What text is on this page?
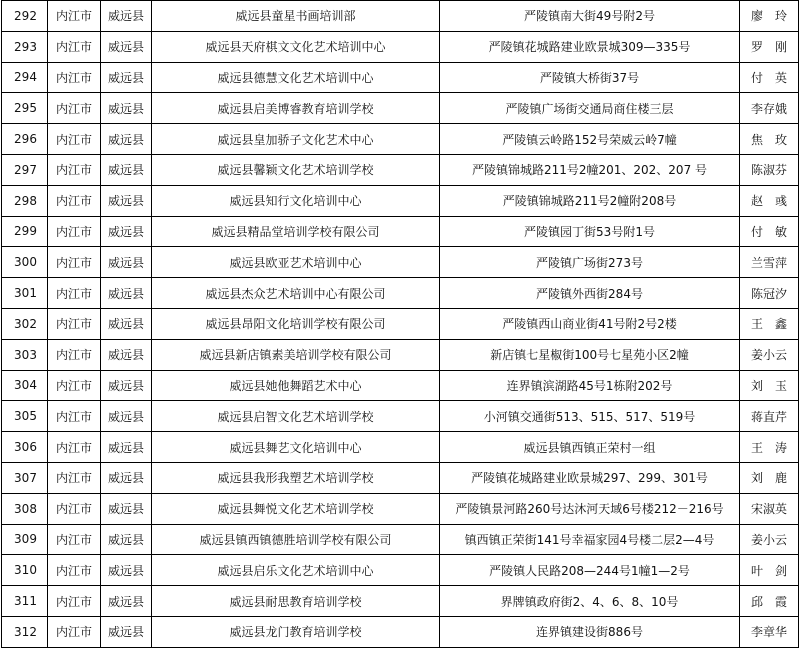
292	内江市	威远县	威远县童星书画培训部	严陵镇南大街49号附2号	廖　玲
293	内江市	威远县	威远县天府棋文文化艺术培训中心	严陵镇花城路建业欧景城309—335号	罗　刚
294	内江市	威远县	威远县德慧文化艺术培训中心	严陵镇大桥街37号	付　英
295	内江市	威远县	威远县启美博睿教育培训学校	严陵镇广场街交通局商住楼三层	李存娥
296	内江市	威远县	威远县皇加骄子文化艺术中心	严陵镇云岭路152号荣威云岭7幢	焦　玫
297	内江市	威远县	威远县馨颖文化艺术培训学校	严陵镇锦城路211号2幢201、202、207 号	陈淑芬
298	内江市	威远县	威远县知行文化培训中心	严陵镇锦城路211号2幢附208号	赵　彧
299	内江市	威远县	威远县精品堂培训学校有限公司	严陵镇园丁街53号附1号	付　敏
300	内江市	威远县	威远县欧亚艺术培训中心	严陵镇广场街273号	兰雪萍
301	内江市	威远县	威远县杰众艺术培训中心有限公司	严陵镇外西街284号	陈冠汐
302	内江市	威远县	威远县昂阳文化培训学校有限公司	严陵镇西山商业街41号附2号2楼	王　鑫
303	内江市	威远县	威远县新店镇素美培训学校有限公司	新店镇七星椒街100号七星苑小区2幢	姜小云
304	内江市	威远县	威远县她他舞蹈艺术中心	连界镇滨湖路45号1栋附202号	刘　玉
305	内江市	威远县	威远县启智文化艺术培训学校	小河镇交通街513、515、517、519号	蒋直芹
306	内江市	威远县	威远县舞艺文化培训中心	威远县镇西镇正荣村一组	王　涛
307	内江市	威远县	威远县我形我塑艺术培训学校	严陵镇花城路建业欧景城297、299、301号	刘　鹿
308	内江市	威远县	威远县舞悦文化艺术培训学校	严陵镇景河路260号达沐河天域6号楼212－216号	宋淑英
309	内江市	威远县	威远县镇西镇德胜培训学校有限公司	镇西镇正荣街141号幸福家园4号楼二层2—4号	姜小云
310	内江市	威远县	威远县启乐文化艺术培训中心	严陵镇人民路208—244号1幢1—2号	叶　剑
311	内江市	威远县	威远县耐思教育培训学校	界牌镇政府街2、4、6、8、10号	邱　霞
312	内江市	威远县	威远县龙门教育培训学校	连界镇建设街886号	李章华
